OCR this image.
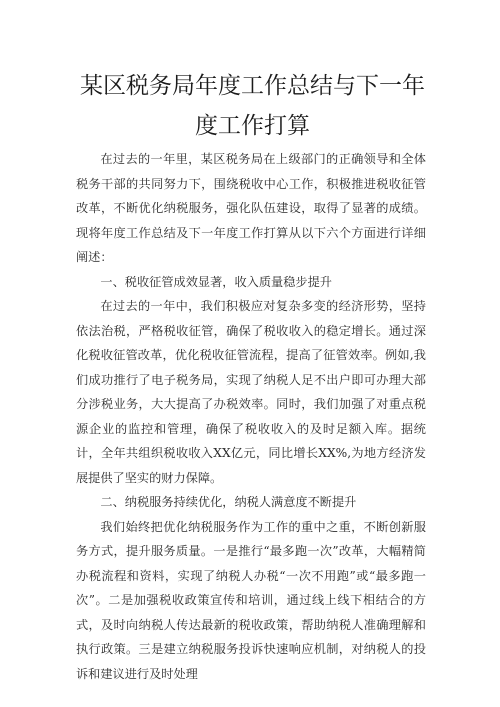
某区税务局年度工作总结与下一年度工作打算

在过去的一年里，某区税务局在上级部门的正确领导和全体税务干部的共同努力下，围绕税收中心工作，积极推进税收征管改革，不断优化纳税服务，强化队伍建设，取得了显著的成绩。现将年度工作总结及下一年度工作打算从以下六个方面进行详细阐述：

一、税收征管成效显著，收入质量稳步提升

在过去的一年中，我们积极应对复杂多变的经济形势，坚持依法治税，严格税收征管，确保了税收收入的稳定增长。通过深化税收征管改革，优化税收征管流程，提高了征管效率。例如,我们成功推行了电子税务局，实现了纳税人足不出户即可办理大部分涉税业务，大大提高了办税效率。同时，我们加强了对重点税源企业的监控和管理，确保了税收收入的及时足额入库。据统计，全年共组织税收收入XX亿元，同比增长XX%,为地方经济发展提供了坚实的财力保障。

二、纳税服务持续优化，纳税人满意度不断提升

我们始终把优化纳税服务作为工作的重中之重，不断创新服务方式，提升服务质量。一是推行“最多跑一次”改革，大幅精简办税流程和资料，实现了纳税人办税“一次不用跑”或“最多跑一次”。二是加强税收政策宣传和培训，通过线上线下相结合的方式，及时向纳税人传达最新的税收政策，帮助纳税人准确理解和执行政策。三是建立纳税服务投诉快速响应机制，对纳税人的投诉和建议进行及时处理
